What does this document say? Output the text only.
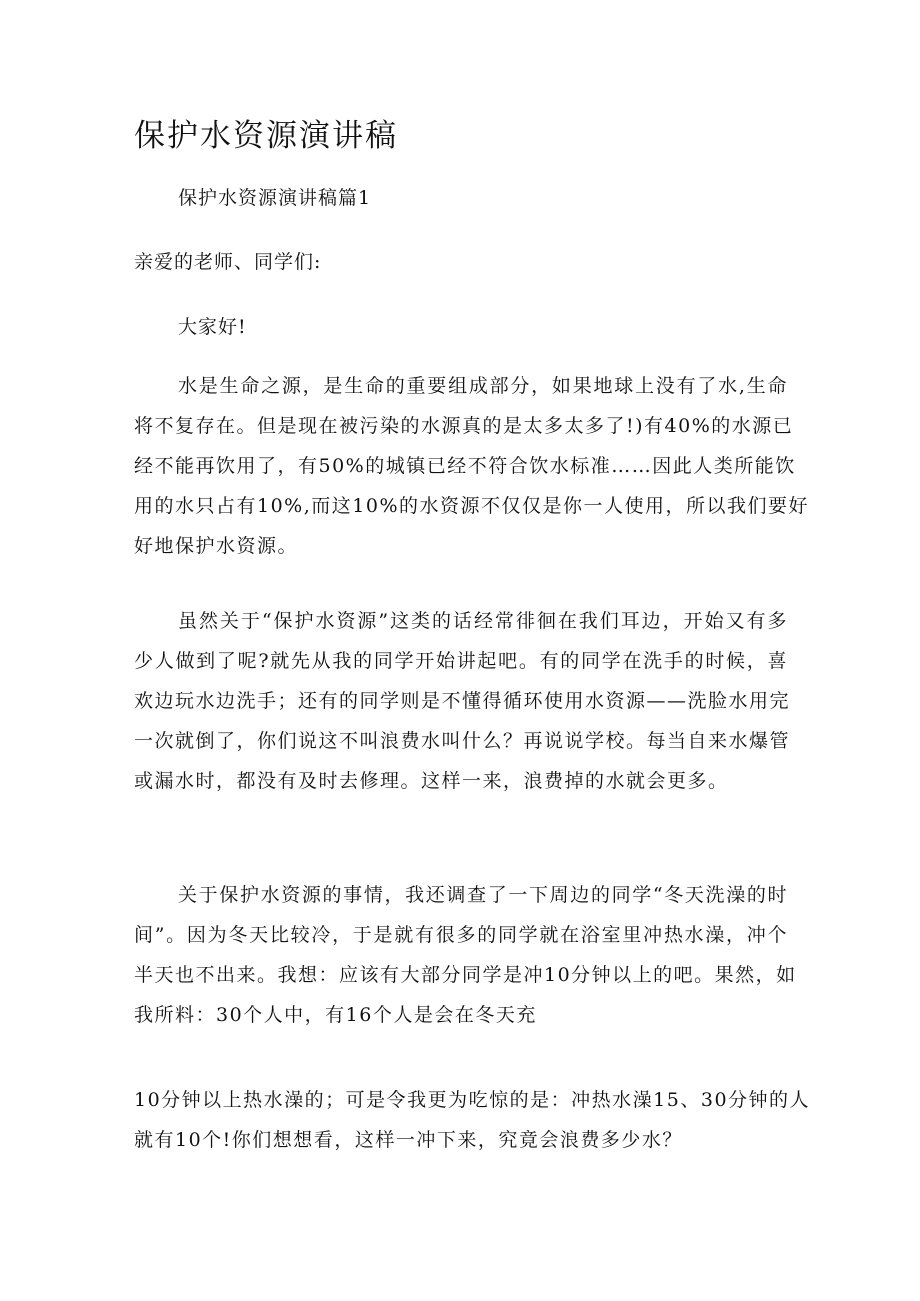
保护水资源演讲稿

保护水资源演讲稿篇1

亲爱的老师、同学们:

大家好!

水是生命之源，是生命的重要组成部分，如果地球上没有了水,生命
将不复存在。但是现在被污染的水源真的是太多太多了!)有40%的水源已
经不能再饮用了，有50%的城镇已经不符合饮水标准……因此人类所能饮
用的水只占有10%,而这10%的水资源不仅仅是你一人使用，所以我们要好
好地保护水资源。
虽然关于“保护水资源”这类的话经常徘徊在我们耳边，开始又有多
少人做到了呢?就先从我的同学开始讲起吧。有的同学在洗手的时候，喜
欢边玩水边洗手；还有的同学则是不懂得循环使用水资源——洗脸水用完
一次就倒了，你们说这不叫浪费水叫什么？再说说学校。每当自来水爆管
或漏水时，都没有及时去修理。这样一来，浪费掉的水就会更多。
关于保护水资源的事情，我还调查了一下周边的同学“冬天洗澡的时
间”。因为冬天比较冷，于是就有很多的同学就在浴室里冲热水澡，冲个
半天也不出来。我想：应该有大部分同学是冲10分钟以上的吧。果然，如
我所料：30个人中，有16个人是会在冬天充
10分钟以上热水澡的；可是令我更为吃惊的是：冲热水澡15、30分钟的人
就有10个!你们想想看，这样一冲下来，究竟会浪费多少水？
